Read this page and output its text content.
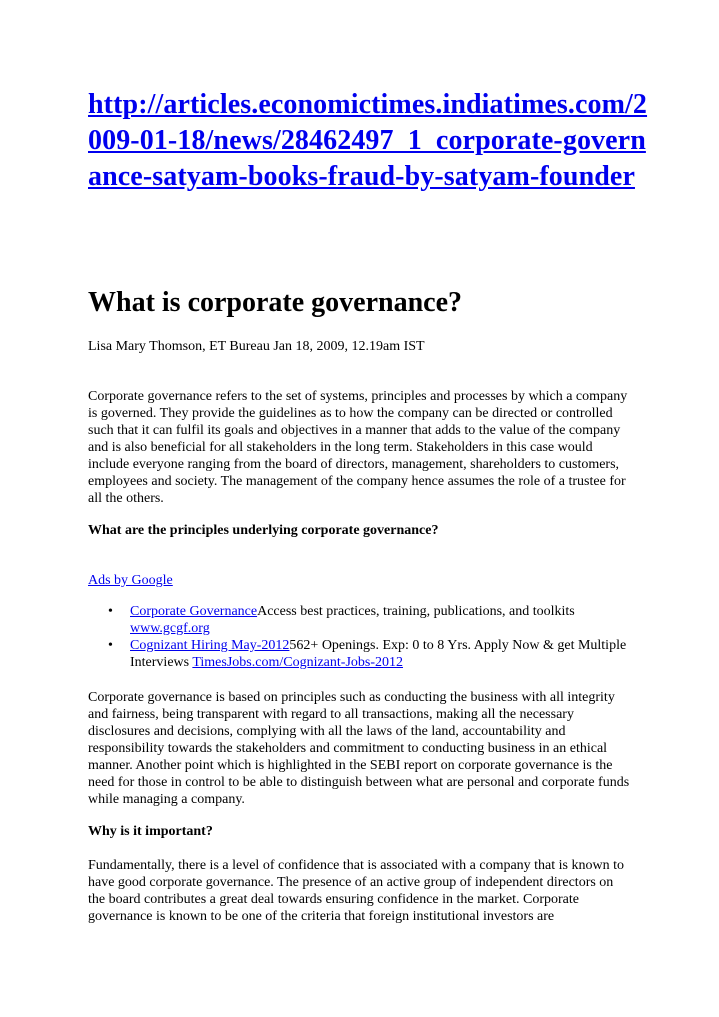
http://articles.economictimes.indiatimes.com/2009-01-18/news/28462497_1_corporate-governance-satyam-books-fraud-by-satyam-founder
What is corporate governance?
Lisa Mary Thomson, ET Bureau Jan 18, 2009, 12.19am IST

Corporate governance refers to the set of systems, principles and processes by which a company is governed. They provide the guidelines as to how the company can be directed or controlled such that it can fulfil its goals and objectives in a manner that adds to the value of the company and is also beneficial for all stakeholders in the long term. Stakeholders in this case would include everyone ranging from the board of directors, management, shareholders to customers, employees and society. The management of the company hence assumes the role of a trustee for all the others.

What are the principles underlying corporate governance?

Ads by Google
• Corporate GovernanceAccess best practices, training, publications, and toolkits
www.gcgf.org
• Cognizant Hiring May-2012562+ Openings. Exp: 0 to 8 Yrs. Apply Now & get Multiple Interviews TimesJobs.com/Cognizant-Jobs-2012

Corporate governance is based on principles such as conducting the business with all integrity and fairness, being transparent with regard to all transactions, making all the necessary disclosures and decisions, complying with all the laws of the land, accountability and responsibility towards the stakeholders and commitment to conducting business in an ethical manner. Another point which is highlighted in the SEBI report on corporate governance is the need for those in control to be able to distinguish between what are personal and corporate funds while managing a company.

Why is it important?

Fundamentally, there is a level of confidence that is associated with a company that is known to have good corporate governance. The presence of an active group of independent directors on the board contributes a great deal towards ensuring confidence in the market. Corporate governance is known to be one of the criteria that foreign institutional investors are
